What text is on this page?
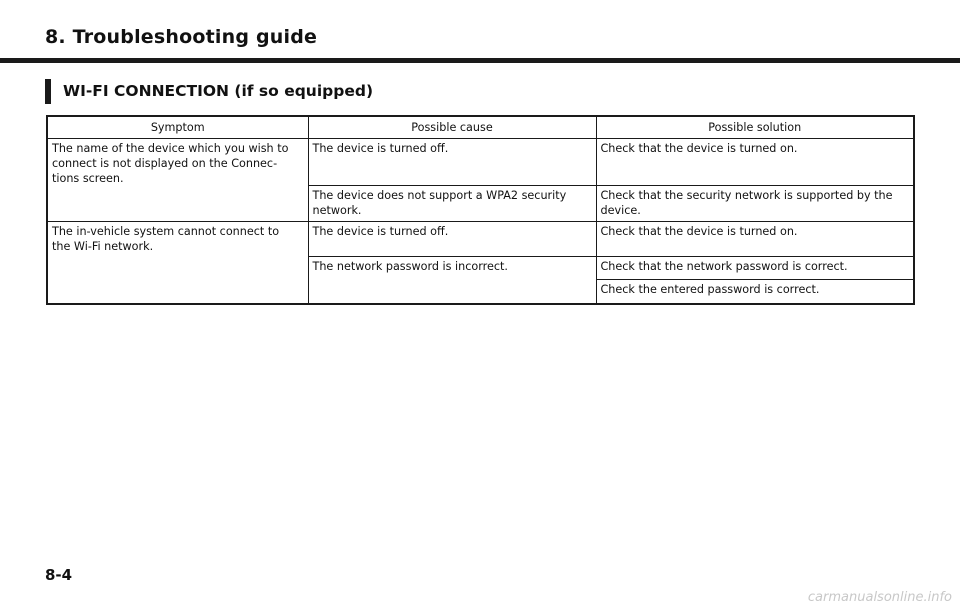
8. Troubleshooting guide
WI-FI CONNECTION (if so equipped)
Symptom	Possible cause	Possible solution
The name of the device which you wish to
connect is not displayed on the Connec-
tions screen.	The device is turned off.	Check that the device is turned on.
	The device does not support a WPA2 security
network.	Check that the security network is supported by the
device.
The in-vehicle system cannot connect to
the Wi-Fi network.	The device is turned off.	Check that the device is turned on.
	The network password is incorrect.	Check that the network password is correct.
		Check the entered password is correct.
8-4
carmanualsonline.info
